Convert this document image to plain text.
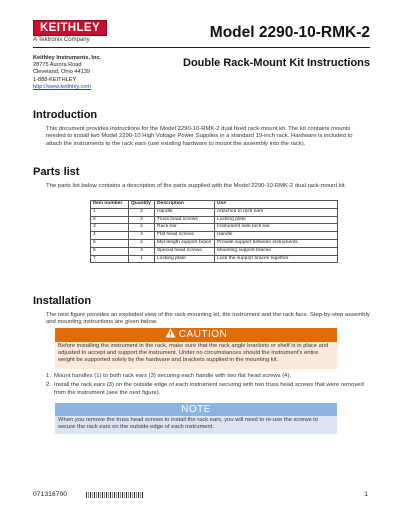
KEITHLEY
A Tektronix Company	Model 2290-10-RMK-2
Keithley Instruments, Inc.
28775 Aurora Road
Cleveland, Ohio 44139
1-888-KEITHLEY
http://www.keithley.com
Double Rack-Mount Kit Instructions
Introduction
This document provides instructions for the Model 2290-10-RMK-2 dual fixed rack-mount kit. The kit contains mounts needed to install two Model 2290-10 High Voltage Power Supplies in a standard 19-inch rack. Hardware is included to attach the instruments to the rack ears (use existing hardware to mount the assembly into the rack).
Parts list
The parts list below contains a description of the parts supplied with the Model 2290-10-RMK-2 dual rack-mount kit.
Item number	Quantity	Description	Use
1	2	Handle	Attached to rack ears
2	2	Truss head screws	Locking plate
3	2	Rack ear	Instrument side rack ear
4	4	Flat head screws	Handle
5	2	Mid-length support brace	Provide support between instruments
6	4	Special head screws	Mounting support braces
7	1	Locking plate	Lock the support braces together
Installation
The next figure provides an exploded view of the rack-mounting kit, the instrument and the rack face. Step-by-step assembly and mounting instructions are given below.
CAUTION
Before installing the instrument in the rack, make sure that the rack angle brackets or shelf is in place and adjusted to accept and support the instrument. Under no circumstances should the instrument's entire weight be supported solely by the hardware and brackets supplied in the mounting kit.
1. Mount handles (1) to both rack ears (3) securing each handle with two flat head screws (4).
2. Install the rack ears (3) on the outside edge of each instrument securing with two truss head screws that were removed from the instrument (see the next figure).
NOTE
When you remove the truss head screws to install the rack ears, you will need to re-use the screws to secure the rack ears on the outside edge of each instrument.
071316700	1
